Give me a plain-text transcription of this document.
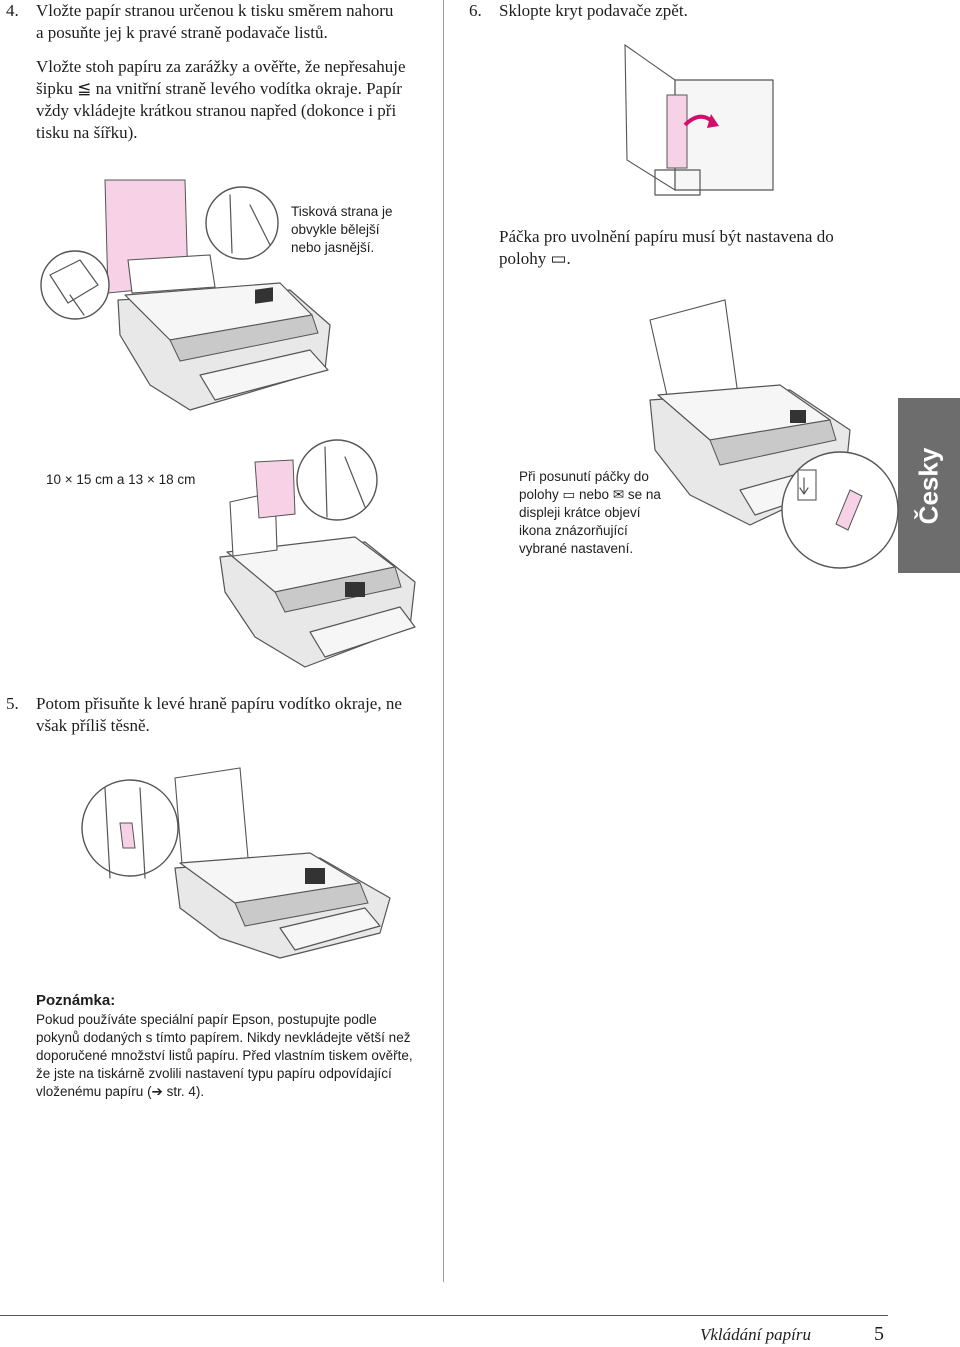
4. Vložte papír stranou určenou k tisku směrem nahoru
a posuňte jej k pravé straně podavače listů.
Vložte stoh papíru za zarážky a ověřte, že nepřesahuje
šipku ≦ na vnitřní straně levého vodítka okraje. Papír
vždy vkládejte krátkou stranou napřed (dokonce i při
tisku na šířku).
Tisková strana je
obvykle bělejší
nebo jasnější.
10 × 15 cm a 13 × 18 cm
5. Potom přisuňte k levé hraně papíru vodítko okraje, ne
však příliš těsně.
Poznámka:
Pokud používáte speciální papír Epson, postupujte podle
pokynů dodaných s tímto papírem. Nikdy nevkládejte větší než
doporučené množství listů papíru. Před vlastním tiskem ověřte,
že jste na tiskárně zvolili nastavení typu papíru odpovídající
vloženému papíru (➔ str. 4).
6. Sklopte kryt podavače zpět.
Páčka pro uvolnění papíru musí být nastavena do
polohy ▭.
Při posunutí páčky do
polohy ▭ nebo ✉ se na
displeji krátce objeví
ikona znázorňující
vybrané nastavení.
Česky
Vkládání papíru	5
